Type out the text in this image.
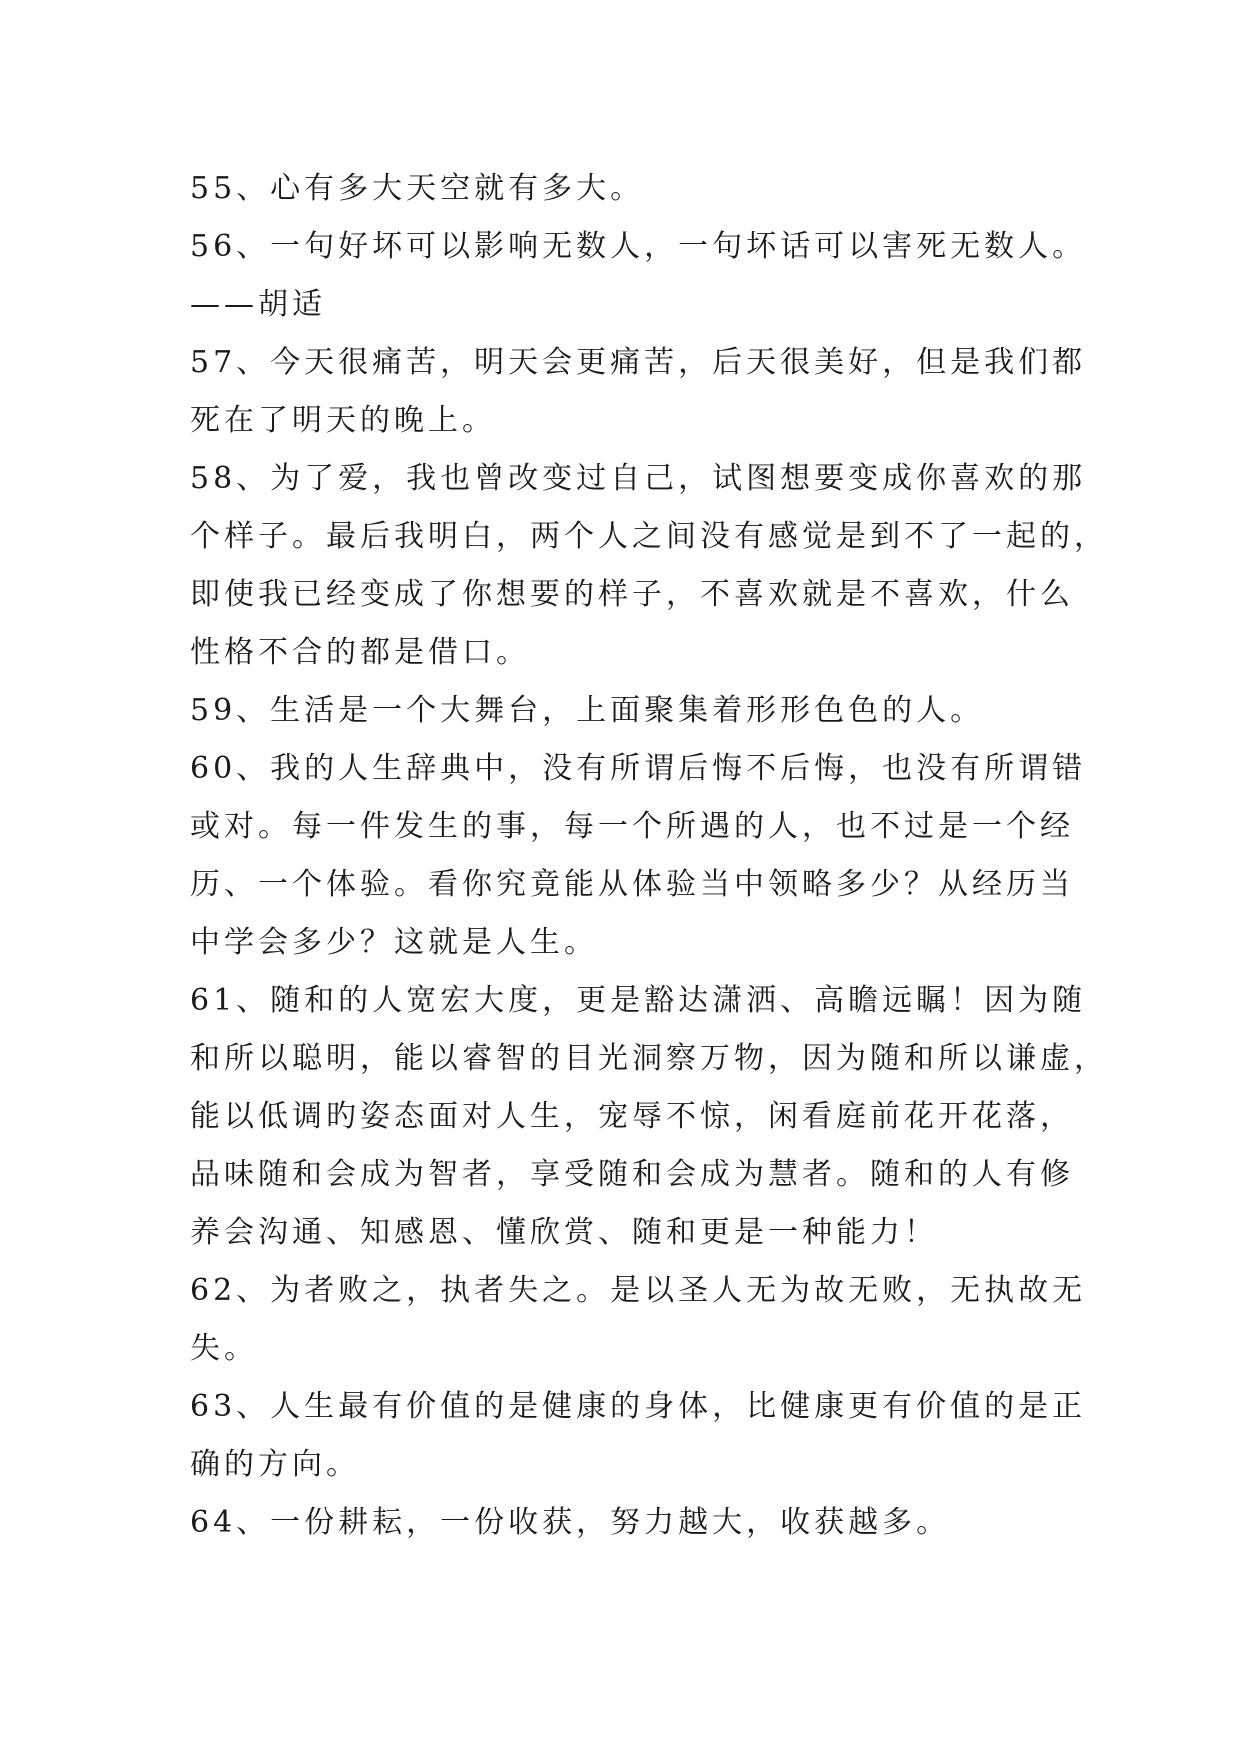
55、心有多大天空就有多大。
56、一句好坏可以影响无数人，一句坏话可以害死无数人。
——胡适
57、今天很痛苦，明天会更痛苦，后天很美好，但是我们都
死在了明天的晚上。
58、为了爱，我也曾改变过自己，试图想要变成你喜欢的那
个样子。最后我明白，两个人之间没有感觉是到不了一起的，
即使我已经变成了你想要的样子，不喜欢就是不喜欢，什么
性格不合的都是借口。
59、生活是一个大舞台，上面聚集着形形色色的人。
60、我的人生辞典中，没有所谓后悔不后悔，也没有所谓错
或对。每一件发生的事，每一个所遇的人，也不过是一个经
历、一个体验。看你究竟能从体验当中领略多少？从经历当
中学会多少？这就是人生。
61、随和的人宽宏大度，更是豁达潇洒、高瞻远瞩！因为随
和所以聪明，能以睿智的目光洞察万物，因为随和所以谦虚，
能以低调旳姿态面对人生，宠辱不惊，闲看庭前花开花落，
品味随和会成为智者，享受随和会成为慧者。随和的人有修
养会沟通、知感恩、懂欣赏、随和更是一种能力！
62、为者败之，执者失之。是以圣人无为故无败，无执故无
失。
63、人生最有价值的是健康的身体，比健康更有价值的是正
确的方向。
64、一份耕耘，一份收获，努力越大，收获越多。
